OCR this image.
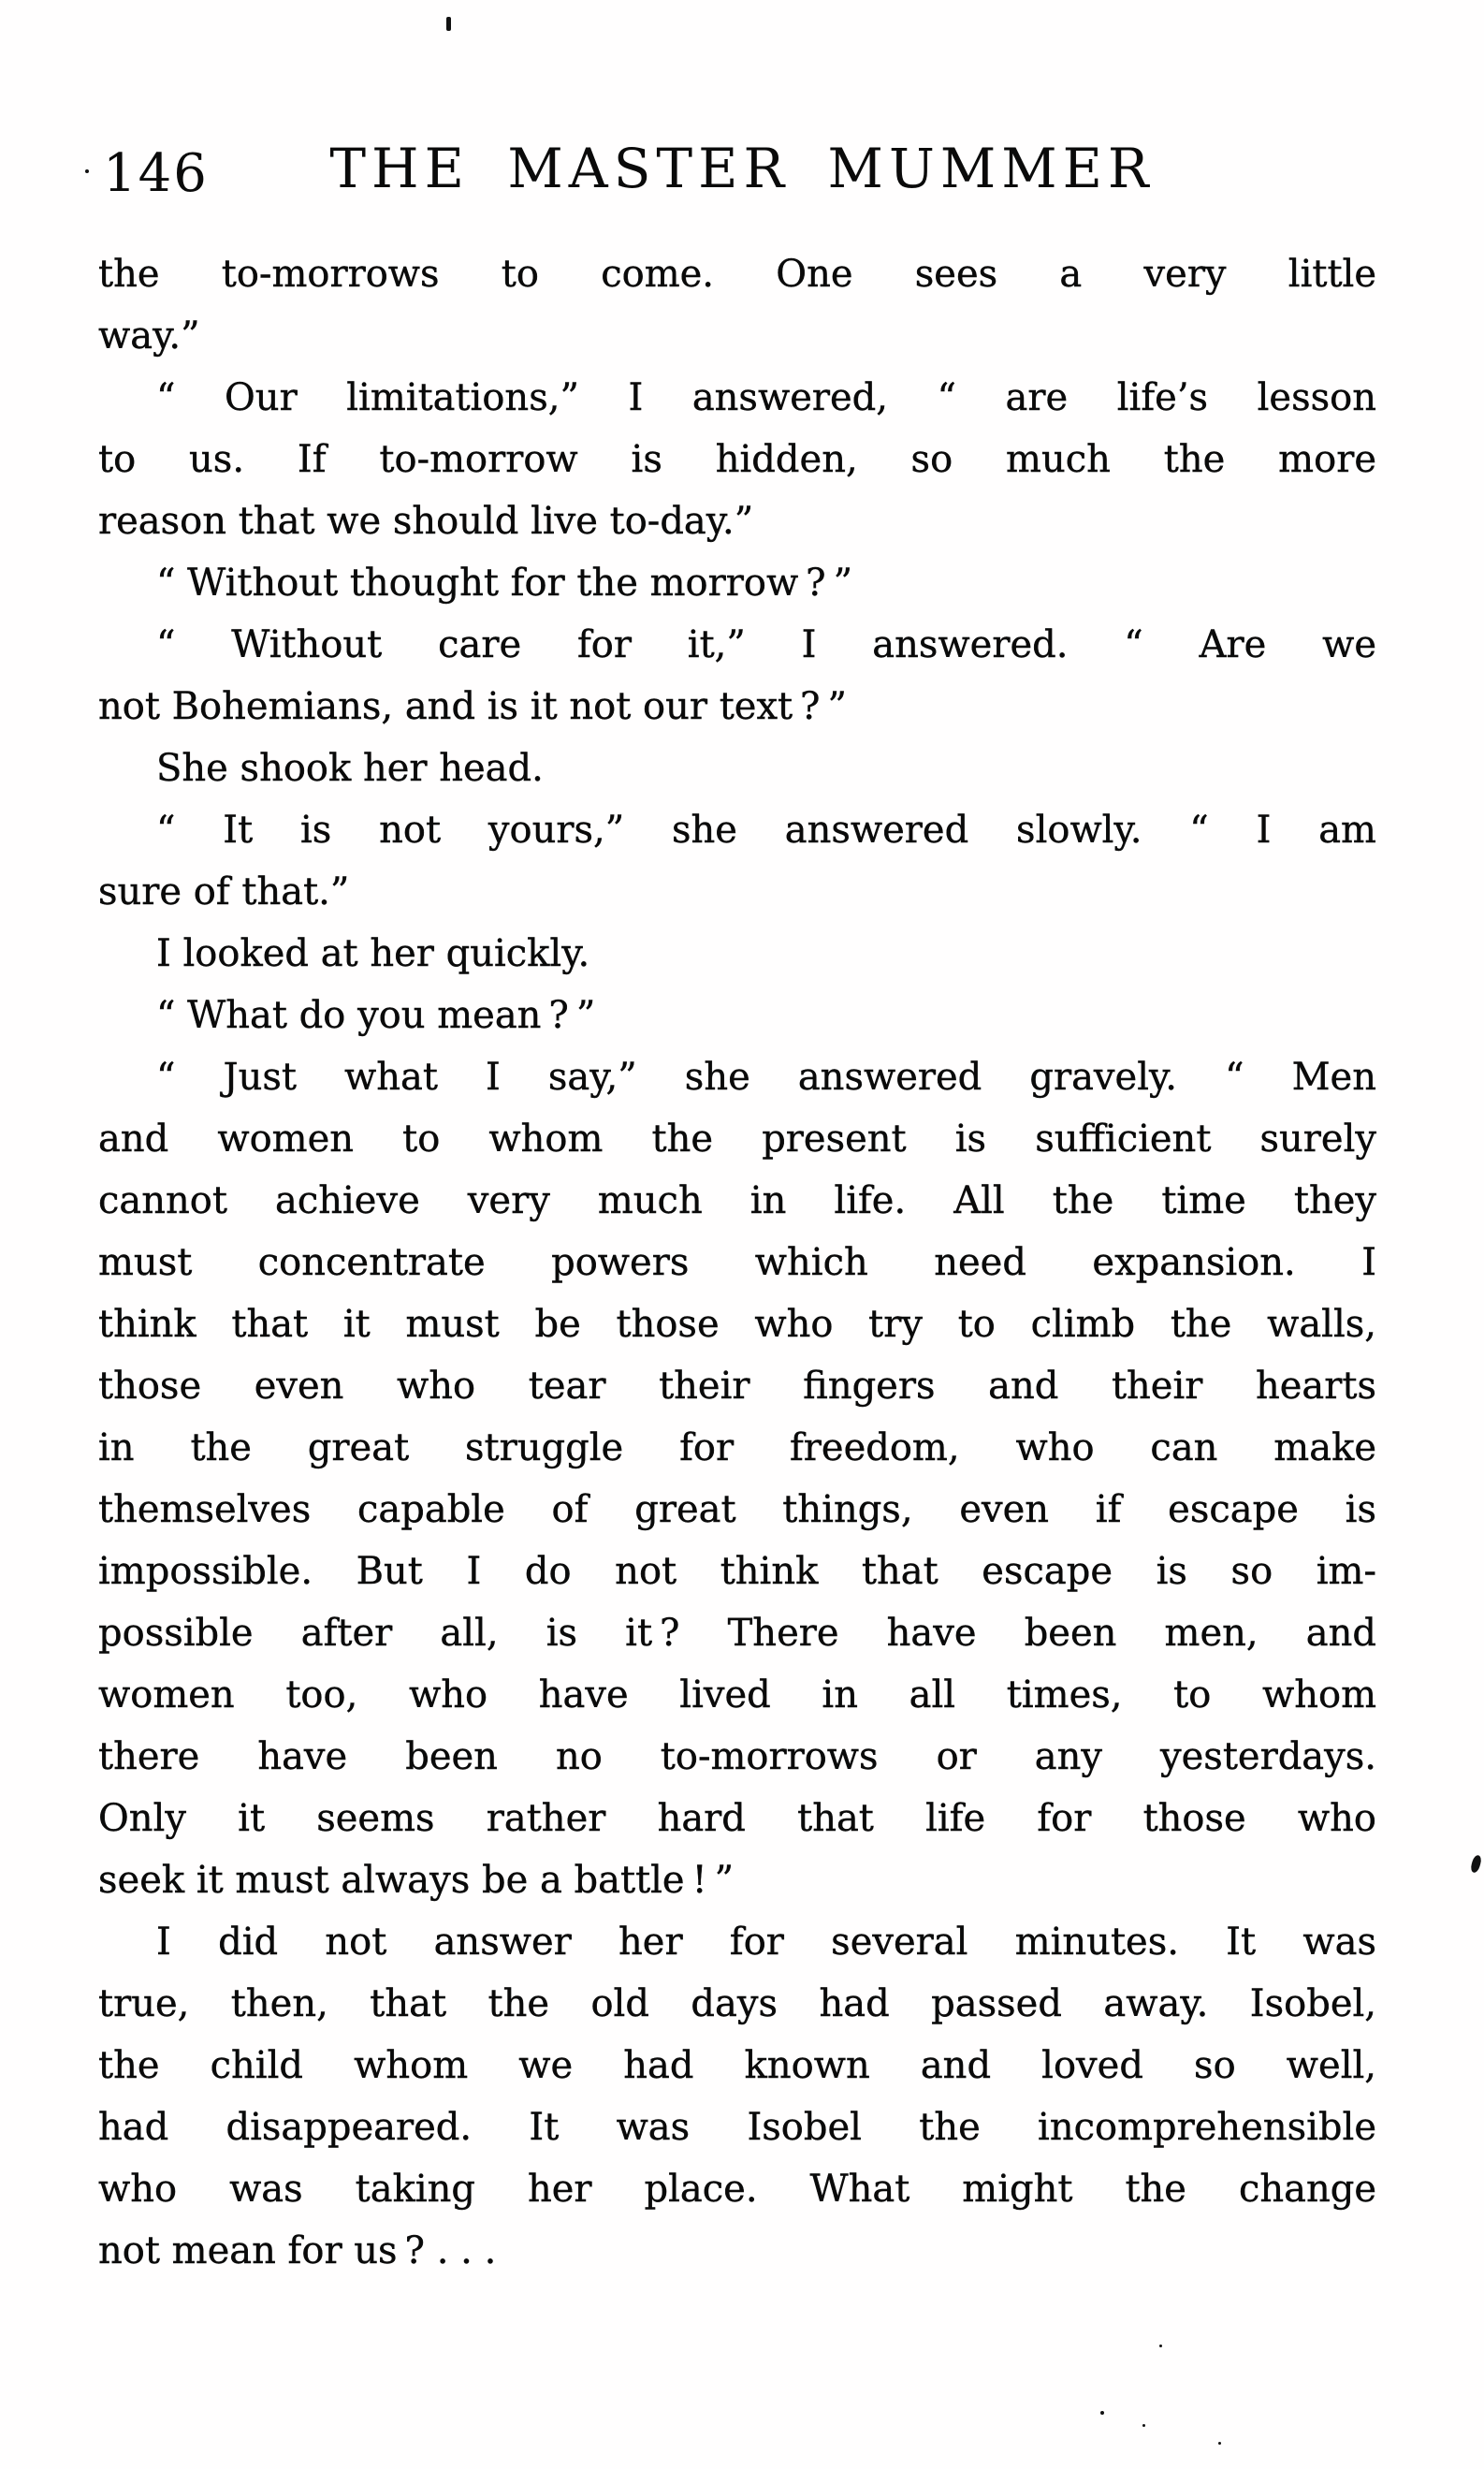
THE MASTER MUMMER
146
the to-morrows to come. One sees a very little
way.”
“ Our limitations,” I answered, “ are life’s lesson
to us. If to-morrow is hidden, so much the more
reason that we should live to-day.”
“ Without thought for the morrow ? ”
“ Without care for it,” I answered. “ Are we
not Bohemians, and is it not our text ? ”
She shook her head.
“ It is not yours,” she answered slowly. “ I am
sure of that.”
I looked at her quickly.
“ What do you mean ? ”
“ Just what I say,” she answered gravely. “ Men
and women to whom the present is sufficient surely
cannot achieve very much in life. All the time they
must concentrate powers which need expansion. I
think that it must be those who try to climb the walls,
those even who tear their fingers and their hearts
in the great struggle for freedom, who can make
themselves capable of great things, even if escape is
impossible. But I do not think that escape is so im-
possible after all, is it ? There have been men, and
women too, who have lived in all times, to whom
there have been no to-morrows or any yesterdays.
Only it seems rather hard that life for those who
seek it must always be a battle ! ”
I did not answer her for several minutes. It was
true, then, that the old days had passed away. Isobel,
the child whom we had known and loved so well,
had disappeared. It was Isobel the incomprehensible
who was taking her place. What might the change
not mean for us ? . . .
